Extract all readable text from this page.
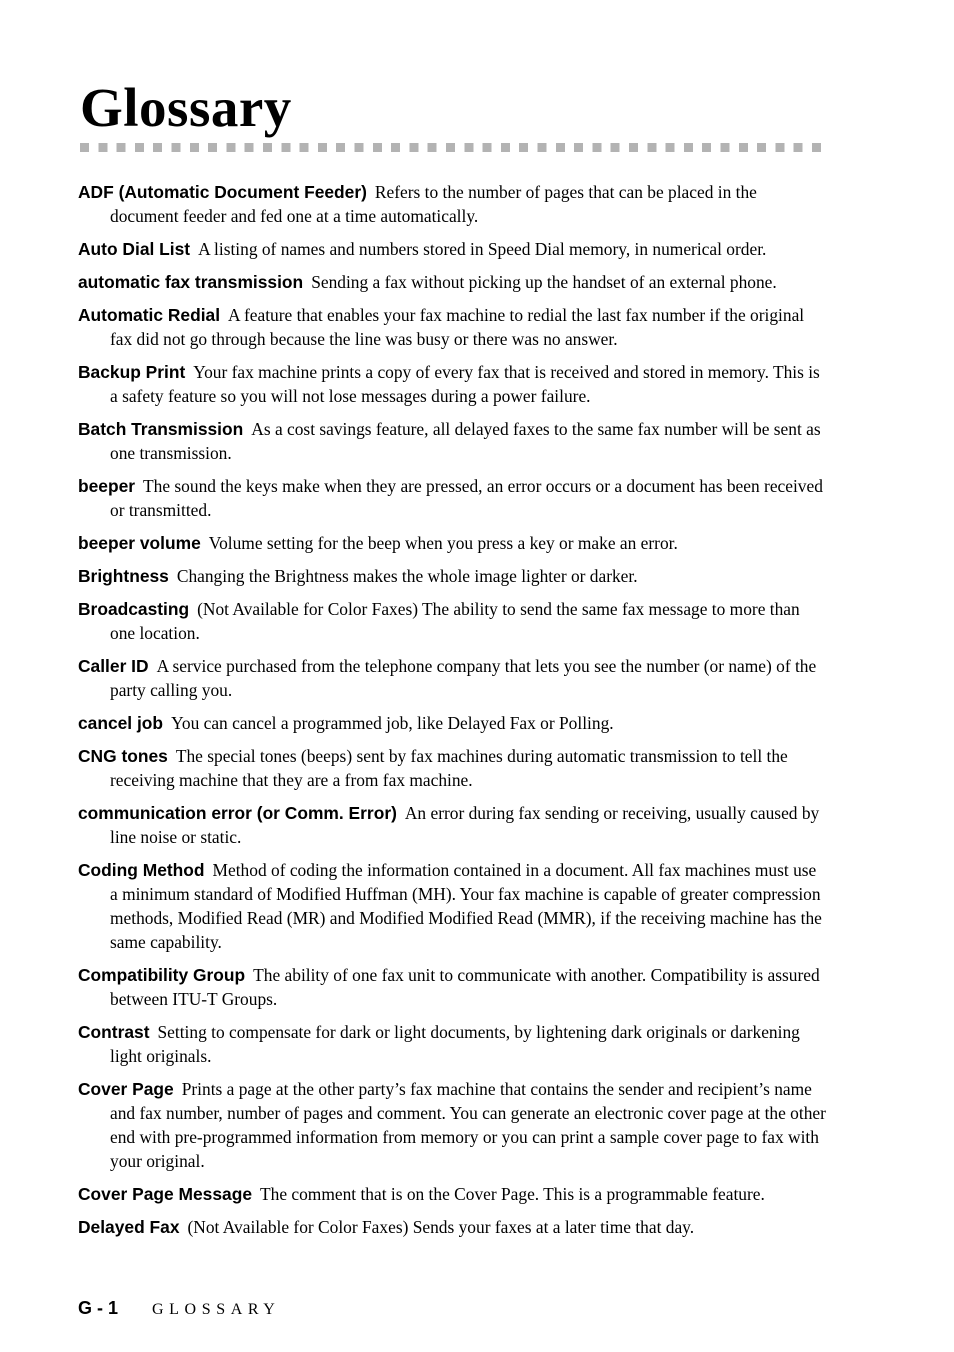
Glossary

ADF (Automatic Document Feeder) Refers to the number of pages that can be placed in the document feeder and fed one at a time automatically.

Auto Dial List A listing of names and numbers stored in Speed Dial memory, in numerical order.

automatic fax transmission Sending a fax without picking up the handset of an external phone.

Automatic Redial A feature that enables your fax machine to redial the last fax number if the original fax did not go through because the line was busy or there was no answer.

Backup Print Your fax machine prints a copy of every fax that is received and stored in memory. This is a safety feature so you will not lose messages during a power failure.

Batch Transmission As a cost savings feature, all delayed faxes to the same fax number will be sent as one transmission.

beeper The sound the keys make when they are pressed, an error occurs or a document has been received or transmitted.

beeper volume Volume setting for the beep when you press a key or make an error.

Brightness Changing the Brightness makes the whole image lighter or darker.

Broadcasting (Not Available for Color Faxes) The ability to send the same fax message to more than one location.

Caller ID A service purchased from the telephone company that lets you see the number (or name) of the party calling you.

cancel job You can cancel a programmed job, like Delayed Fax or Polling.

CNG tones The special tones (beeps) sent by fax machines during automatic transmission to tell the receiving machine that they are a from fax machine.

communication error (or Comm. Error) An error during fax sending or receiving, usually caused by line noise or static.

Coding Method Method of coding the information contained in a document. All fax machines must use a minimum standard of Modified Huffman (MH). Your fax machine is capable of greater compression methods, Modified Read (MR) and Modified Modified Read (MMR), if the receiving machine has the same capability.

Compatibility Group The ability of one fax unit to communicate with another. Compatibility is assured between ITU-T Groups.

Contrast Setting to compensate for dark or light documents, by lightening dark originals or darkening light originals.

Cover Page Prints a page at the other party’s fax machine that contains the sender and recipient’s name and fax number, number of pages and comment. You can generate an electronic cover page at the other end with pre-programmed information from memory or you can print a sample cover page to fax with your original.

Cover Page Message The comment that is on the Cover Page. This is a programmable feature.

Delayed Fax (Not Available for Color Faxes) Sends your faxes at a later time that day.

G - 1 GLOSSARY
